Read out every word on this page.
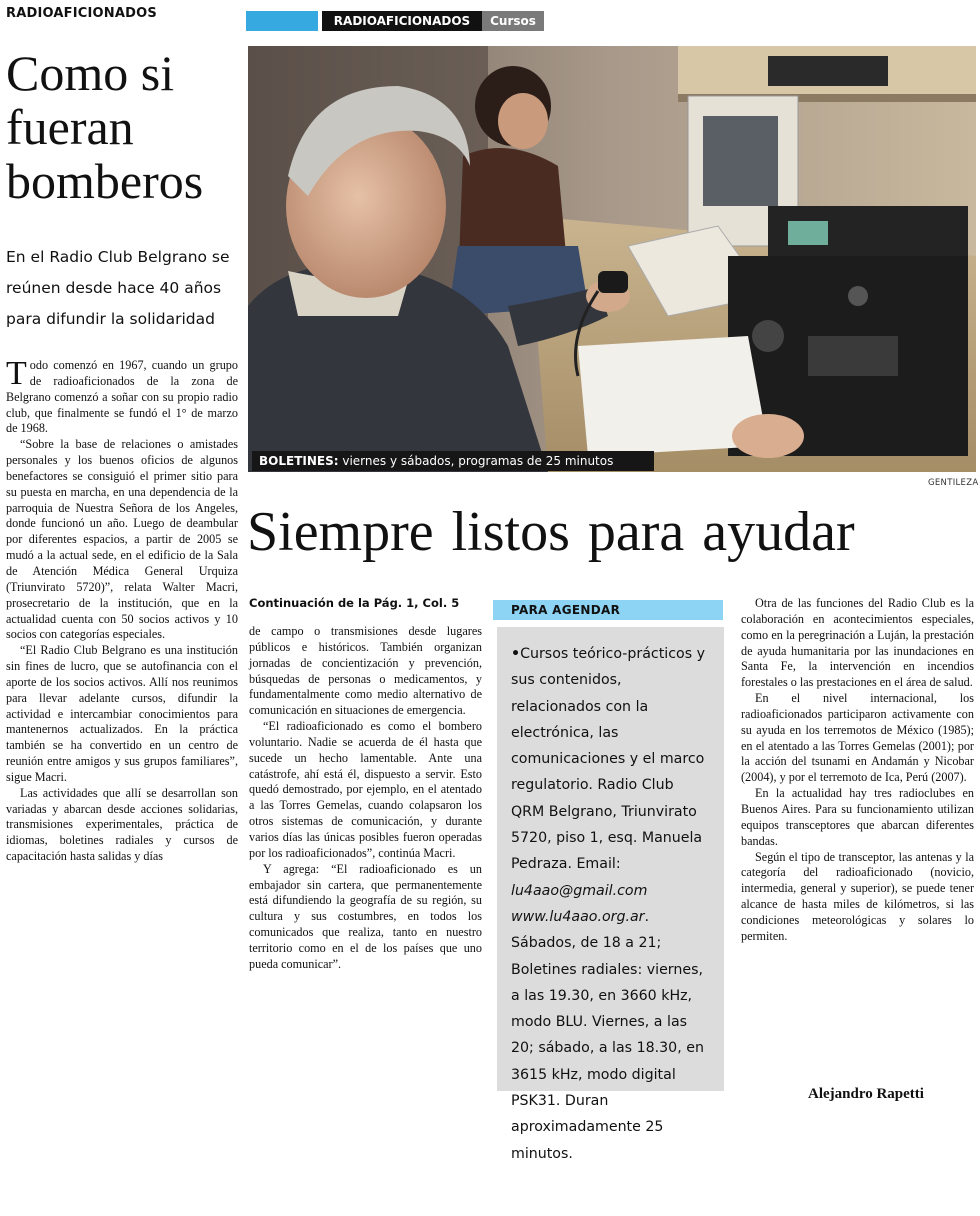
RADIOAFICIONADOS
Como si
fueran
bomberos
En el Radio Club Belgrano se
reúnen desde hace 40 años
para difundir la solidaridad

Todo comenzó en 1967, cuando un grupo de radioaficionados de la zona de Belgrano comenzó a soñar con su propio radio club, que finalmente se fundó el 1° de marzo de 1968.

“Sobre la base de relaciones o amistades personales y los buenos oficios de algunos benefactores se consiguió el primer sitio para su puesta en marcha, en una dependencia de la parroquia de Nuestra Señora de los Angeles, donde funcionó un año. Luego de deambular por diferentes espacios, a partir de 2005 se mudó a la actual sede, en el edificio de la Sala de Atención Médica General Urquiza (Triunvirato 5720)”, relata Walter Macri, prosecretario de la institución, que en la actualidad cuenta con 50 socios activos y 10 socios con categorías especiales.

“El Radio Club Belgrano es una institución sin fines de lucro, que se autofinancia con el aporte de los socios activos. Allí nos reunimos para llevar adelante cursos, difundir la actividad e intercambiar conocimientos para mantenernos actualizados. En la práctica también se ha convertido en un centro de reunión entre amigos y sus grupos familiares”, sigue Macri.

Las actividades que allí se desarrollan son variadas y abarcan desde acciones solidarias, transmisiones experimentales, práctica de idiomas, boletines radiales y cursos de capacitación hasta salidas y días

RADIOAFICIONADOS	Cursos
BOLETINES: viernes y sábados, programas de 25 minutos
GENTILEZA
Siempre listos para ayudar
Continuación de la Pág. 1, Col. 5

de campo o transmisiones desde lugares públicos e históricos. También organizan jornadas de concientización y prevención, búsquedas de personas o medicamentos, y fundamentalmente como medio alternativo de comunicación en situaciones de emergencia.

“El radioaficionado es como el bombero voluntario. Nadie se acuerda de él hasta que sucede un hecho lamentable. Ante una catástrofe, ahí está él, dispuesto a servir. Esto quedó demostrado, por ejemplo, en el atentado a las Torres Gemelas, cuando colapsaron los otros sistemas de comunicación, y durante varios días las únicas posibles fueron operadas por los radioaficionados”, continúa Macri.

Y agrega: “El radioaficionado es un embajador sin cartera, que permanentemente está difundiendo la geografía de su región, su cultura y sus costumbres, en todos los comunicados que realiza, tanto en nuestro territorio como en el de los países que uno pueda comunicar”.

PARA AGENDAR
•Cursos teórico-prácticos y sus contenidos, relacionados con la electrónica, las comunicaciones y el marco regulatorio. Radio Club QRM Belgrano, Triunvirato 5720, piso 1, esq. Manuela Pedraza. Email: lu4aao@gmail.com www.lu4aao.org.ar. Sábados, de 18 a 21; Boletines radiales: viernes, a las 19.30, en 3660 kHz, modo BLU. Viernes, a las 20; sábado, a las 18.30, en 3615 kHz, modo digital PSK31. Duran aproximadamente 25 minutos.

Otra de las funciones del Radio Club es la colaboración en acontecimientos especiales, como en la peregrinación a Luján, la prestación de ayuda humanitaria por las inundaciones en Santa Fe, la intervención en incendios forestales o las prestaciones en el área de salud.

En el nivel internacional, los radioaficionados participaron activamente con su ayuda en los terremotos de México (1985); en el atentado a las Torres Gemelas (2001); por la acción del tsunami en Andamán y Nicobar (2004), y por el terremoto de Ica, Perú (2007).

En la actualidad hay tres radioclubes en Buenos Aires. Para su funcionamiento utilizan equipos transceptores que abarcan diferentes bandas.

Según el tipo de transceptor, las antenas y la categoría del radioaficionado (novicio, intermedia, general y superior), se puede tener alcance de hasta miles de kilómetros, si las condiciones meteorológicas y solares lo permiten.

Alejandro Rapetti
